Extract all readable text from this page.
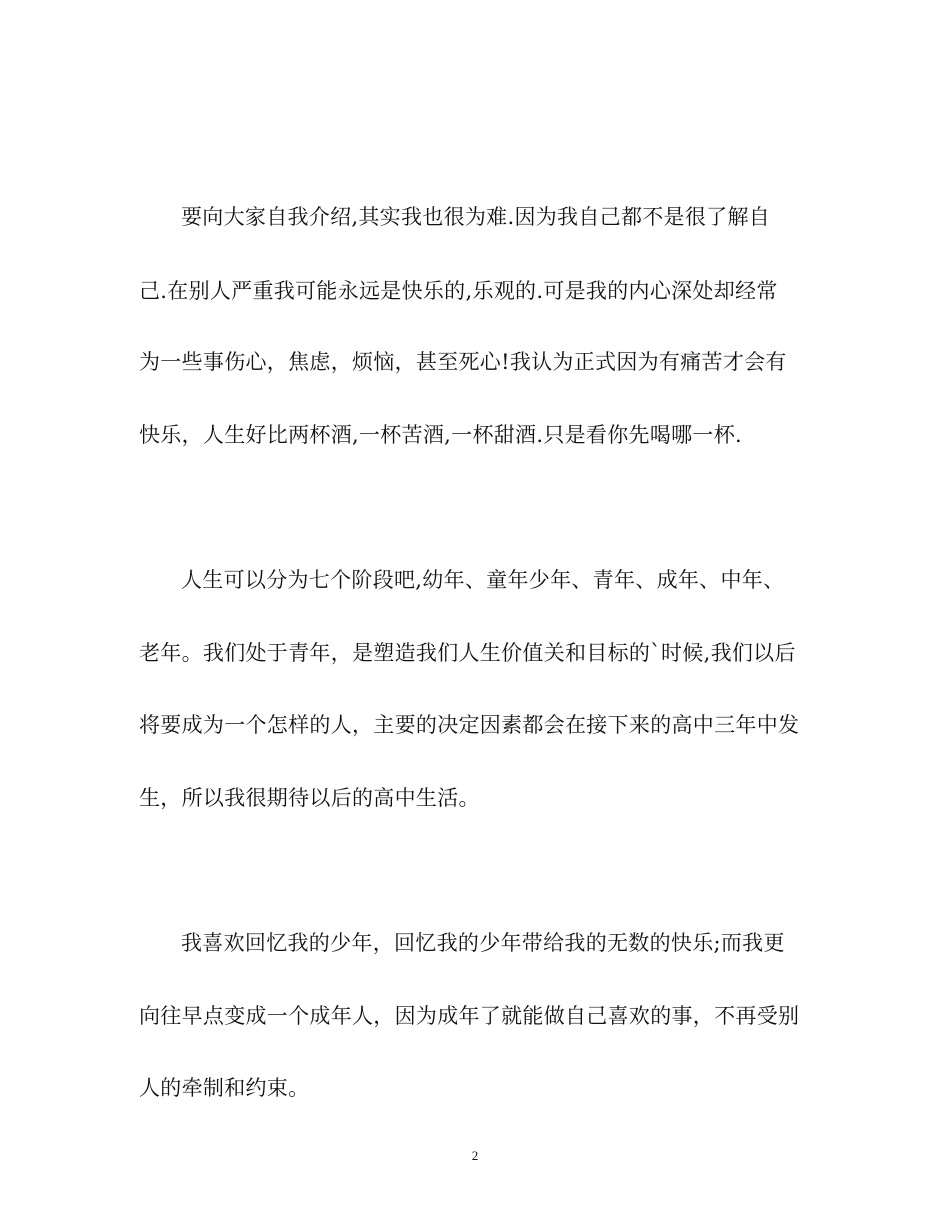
要向大家自我介绍,其实我也很为难.因为我自己都不是很了解自
己.在别人严重我可能永远是快乐的,乐观的.可是我的内心深处却经常
为一些事伤心，焦虑，烦恼，甚至死心!我认为正式因为有痛苦才会有
快乐，人生好比两杯酒,一杯苦酒,一杯甜酒.只是看你先喝哪一杯.
人生可以分为七个阶段吧,幼年、童年少年、青年、成年、中年、
老年。我们处于青年，是塑造我们人生价值关和目标的`时候,我们以后
将要成为一个怎样的人，主要的决定因素都会在接下来的高中三年中发
生，所以我很期待以后的高中生活。
我喜欢回忆我的少年，回忆我的少年带给我的无数的快乐;而我更
向往早点变成一个成年人，因为成年了就能做自己喜欢的事，不再受别
人的牵制和约束。
2
